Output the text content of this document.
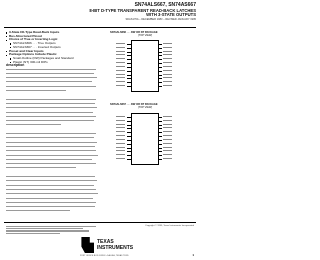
SN74ALS667, SN74AS667
8-BIT D-TYPE TRANSPARENT READ-BACK LATCHES
WITH 3-STATE OUTPUTS
SDAS176A – DECEMBER 1983 – REVISED JANUARY 1995
3-State I/O-Type Read-Back Inputs
Bus-Structured Pinout
Choice of True or Inverting Logic
SN74ALS666 . . . True Outputs
SN74ALS667 . . . Inverted Outputs
Preset and Clear Inputs
Package Options Include Plastic
Small-Outline (DW) Packages and Standard
Plastic (NT) 300-mil DIPs
description
SN74ALS666 . . . DW OR NT PACKAGE
(TOP VIEW)
SN74ALS667 . . . DW OR NT PACKAGE
(TOP VIEW)
Copyright © 1995, Texas Instruments Incorporated
TEXAS INSTRUMENTS
POST OFFICE BOX 655303 • DALLAS, TEXAS 75265	1
